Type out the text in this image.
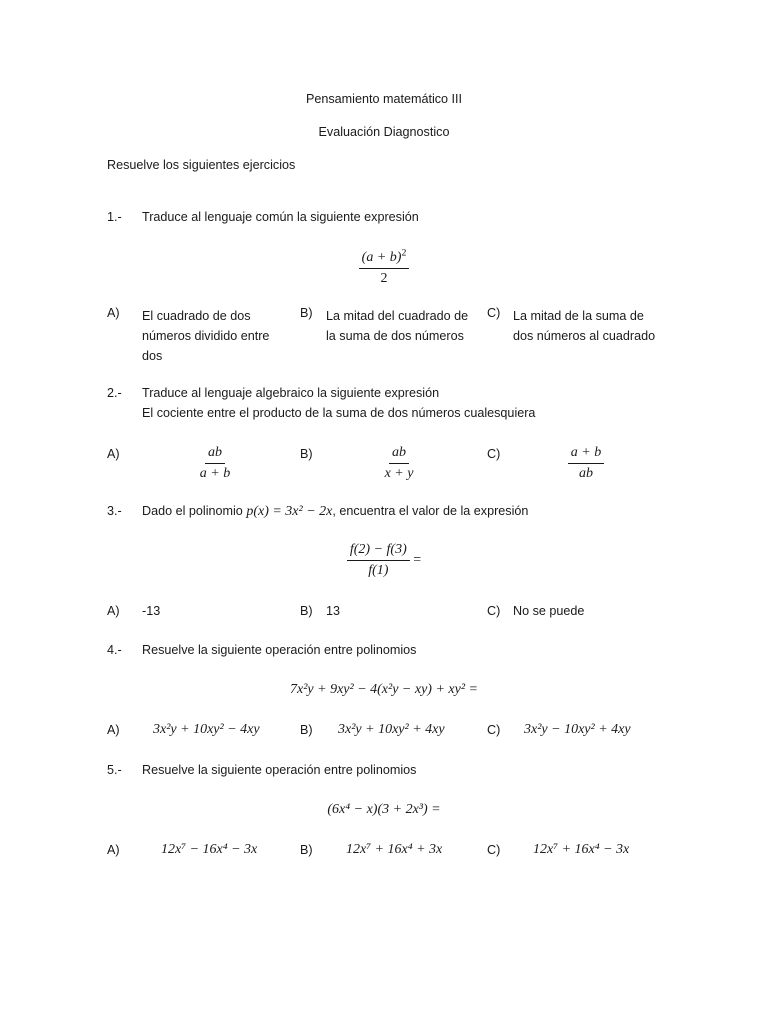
Pensamiento matemático III
Evaluación Diagnostico
Resuelve los siguientes ejercicios
1.- Traduce al lenguaje común la siguiente expresión
$\frac{(a + b)^2}{2}$
A) El cuadrado de dos números dividido entre dos
B) La mitad del cuadrado de la suma de dos números
C) La mitad de la suma de dos números al cuadrado
2.- Traduce al lenguaje algebraico la siguiente expresión
El cociente entre el producto de la suma de dos números cualesquiera
A)	$\frac{ab}{a + b}$	B)	$\frac{ab}{x + y}$	C)	$\frac{a + b}{ab}$
3.- Dado el polinomio p(x) = 3x² − 2x, encuentra el valor de la expresión
$\frac{f(2) - f(3)}{f(1)}$ =
A) -13	B) 13	C) No se puede
4.- Resuelve la siguiente operación entre polinomios
7x²y + 9xy² − 4(x²y − xy) + xy² =
A) 3x²y + 10xy² − 4xy	B) 3x²y + 10xy² + 4xy	C) 3x²y − 10xy² + 4xy
5.- Resuelve la siguiente operación entre polinomios
(6x⁴ − x)(3 + 2x³) =
A)	12x⁷ − 16x⁴ − 3x	B) 12x⁷ + 16x⁴ + 3x	C) 12x⁷ + 16x⁴ − 3x
